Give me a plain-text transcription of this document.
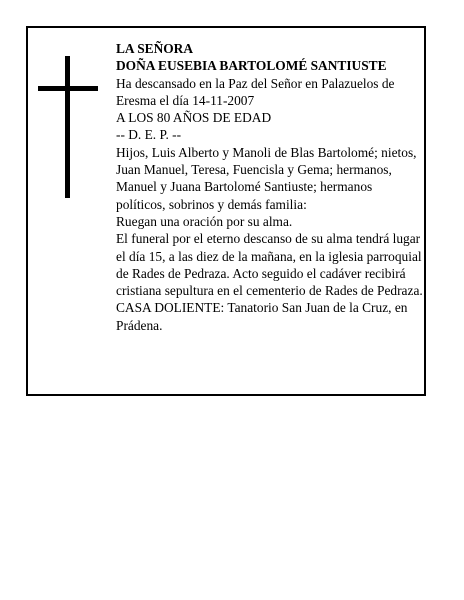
LA SEÑORA

DOÑA EUSEBIA BARTOLOMÉ SANTIUSTE

Ha descansado en la Paz del Señor en Palazuelos de Eresma el día 14-11-2007

A LOS 80 AÑOS DE EDAD

-- D. E. P. --

Hijos, Luis Alberto y Manoli de Blas Bartolomé; nietos, Juan Manuel, Teresa, Fuencisla y Gema; hermanos, Manuel y Juana Bartolomé Santiuste; hermanos políticos, sobrinos y demás familia:

Ruegan una oración por su alma.

El funeral por el eterno descanso de su alma tendrá lugar el día 15, a las diez de la mañana, en la iglesia parroquial de Rades de Pedraza. Acto seguido el cadáver recibirá cristiana sepultura en el cementerio de Rades de Pedraza.

CASA DOLIENTE: Tanatorio San Juan de la Cruz, en Prádena.
